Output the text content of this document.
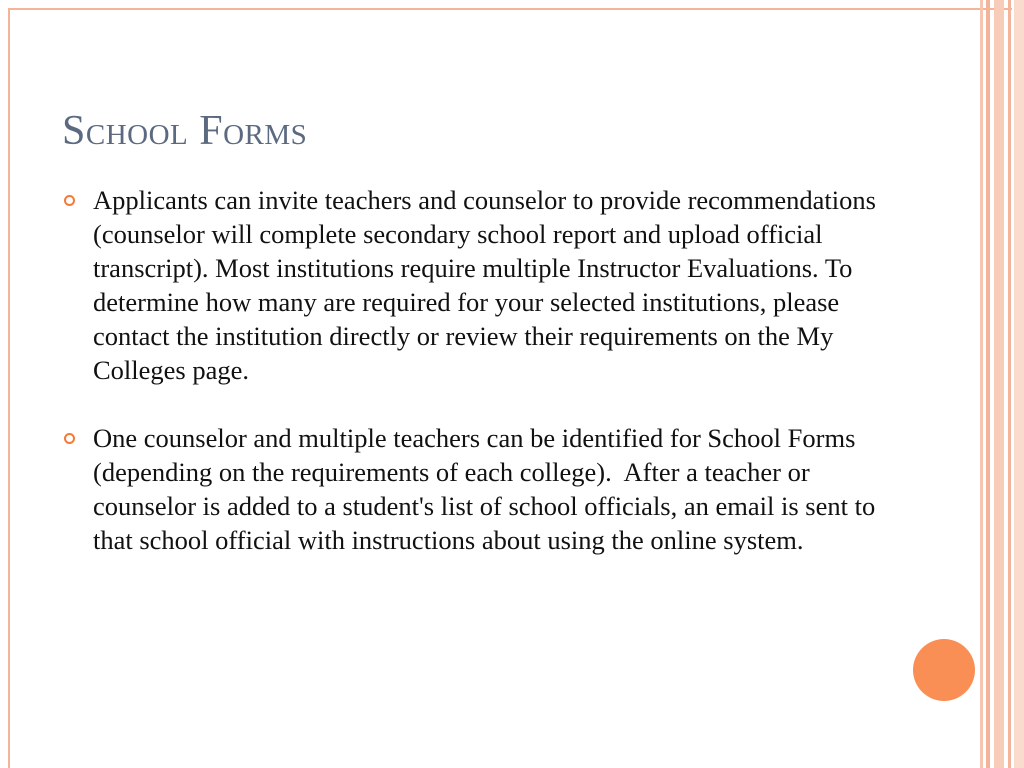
School Forms
Applicants can invite teachers and counselor to provide recommendations (counselor will complete secondary school report and upload official transcript). Most institutions require multiple Instructor Evaluations. To determine how many are required for your selected institutions, please contact the institution directly or review their requirements on the My Colleges page.
One counselor and multiple teachers can be identified for School Forms (depending on the requirements of each college).  After a teacher or counselor is added to a student's list of school officials, an email is sent to that school official with instructions about using the online system.
